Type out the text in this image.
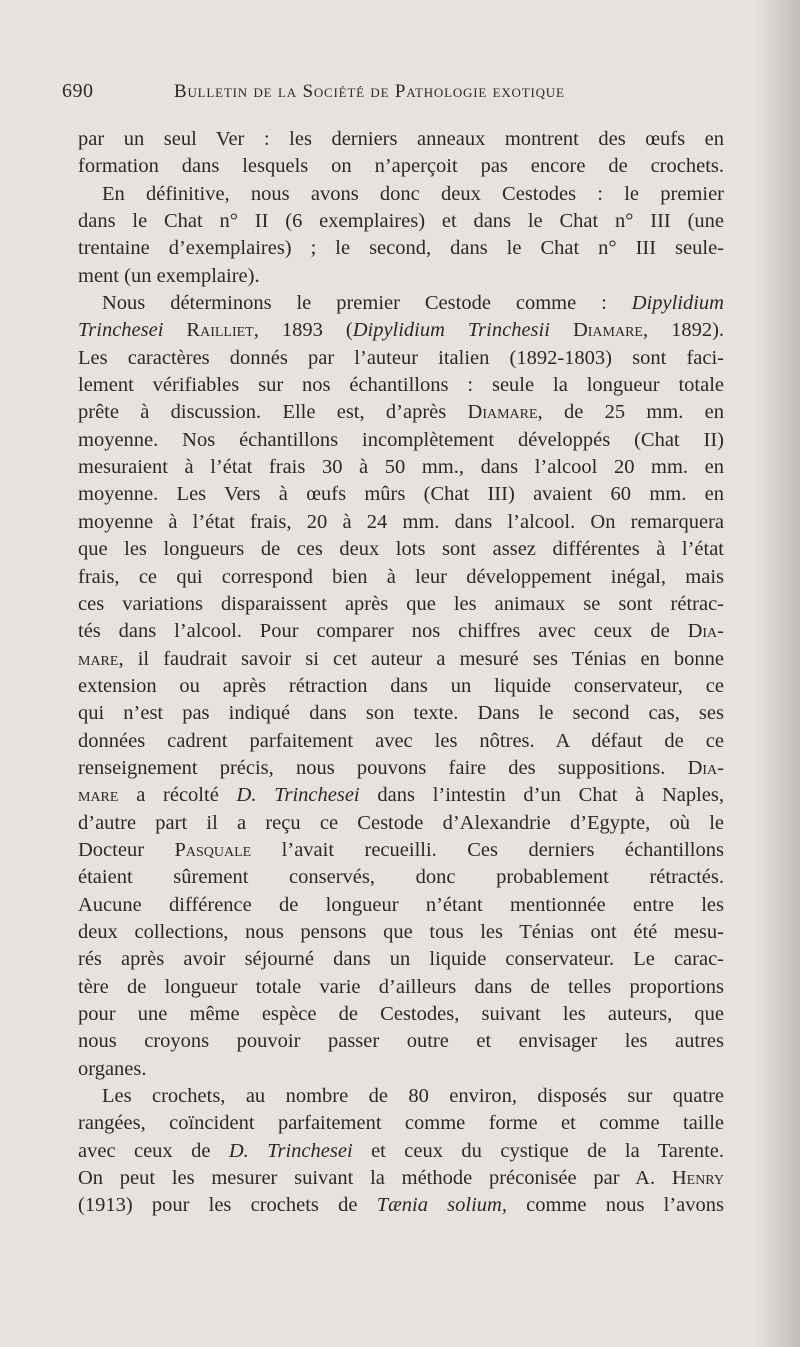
690	Bulletin de la Société de Pathologie exotique
par un seul Ver : les derniers anneaux montrent des œufs en
formation dans lesquels on n’aperçoit pas encore de crochets.
En définitive, nous avons donc deux Cestodes : le premier
dans le Chat n° II (6 exemplaires) et dans le Chat n° III (une
trentaine d’exemplaires) ; le second, dans le Chat n° III seule-
ment (un exemplaire).
Nous déterminons le premier Cestode comme : Dipylidium
Trinchesei Railliet, 1893 (Dipylidium Trinchesii Diamare, 1892).
Les caractères donnés par l’auteur italien (1892-1803) sont faci-
lement vérifiables sur nos échantillons : seule la longueur totale
prête à discussion. Elle est, d’après Diamare, de 25 mm. en
moyenne. Nos échantillons incomplètement développés (Chat II)
mesuraient à l’état frais 30 à 50 mm., dans l’alcool 20 mm. en
moyenne. Les Vers à œufs mûrs (Chat III) avaient 60 mm. en
moyenne à l’état frais, 20 à 24 mm. dans l’alcool. On remarquera
que les longueurs de ces deux lots sont assez différentes à l’état
frais, ce qui correspond bien à leur développement inégal, mais
ces variations disparaissent après que les animaux se sont rétrac-
tés dans l’alcool. Pour comparer nos chiffres avec ceux de Dia-
mare, il faudrait savoir si cet auteur a mesuré ses Ténias en bonne
extension ou après rétraction dans un liquide conservateur, ce
qui n’est pas indiqué dans son texte. Dans le second cas, ses
données cadrent parfaitement avec les nôtres. A défaut de ce
renseignement précis, nous pouvons faire des suppositions. Dia-
mare a récolté D. Trinchesei dans l’intestin d’un Chat à Naples,
d’autre part il a reçu ce Cestode d’Alexandrie d’Egypte, où le
Docteur Pasquale l’avait recueilli. Ces derniers échantillons
étaient sûrement conservés, donc probablement rétractés.
Aucune différence de longueur n’étant mentionnée entre les
deux collections, nous pensons que tous les Ténias ont été mesu-
rés après avoir séjourné dans un liquide conservateur. Le carac-
tère de longueur totale varie d’ailleurs dans de telles proportions
pour une même espèce de Cestodes, suivant les auteurs, que
nous croyons pouvoir passer outre et envisager les autres
organes.
Les crochets, au nombre de 80 environ, disposés sur quatre
rangées, coïncident parfaitement comme forme et comme taille
avec ceux de D. Trinchesei et ceux du cystique de la Tarente.
On peut les mesurer suivant la méthode préconisée par A. Henry
(1913) pour les crochets de Tænia solium, comme nous l’avons
